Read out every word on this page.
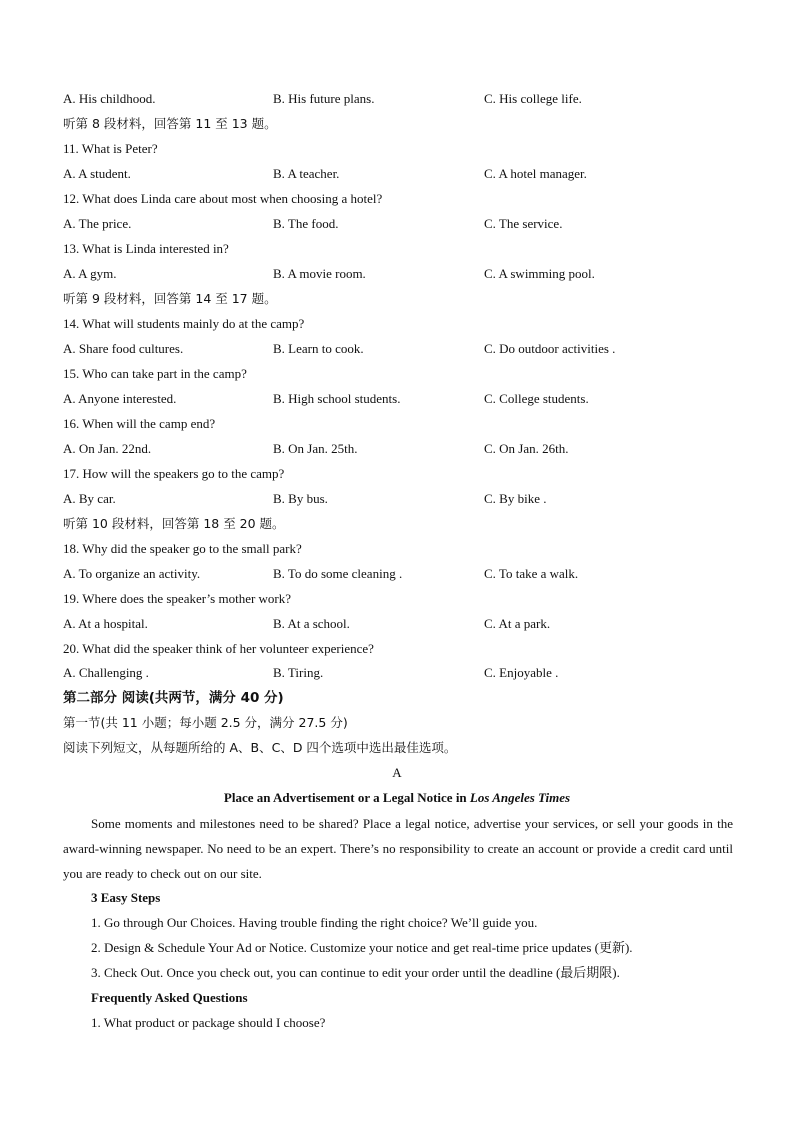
A. His childhood.	B. His future plans.	C. His college life.
听第 8 段材料，回答第 11 至 13 题。
11. What is Peter?
A. A student.	B. A teacher.	C. A hotel manager.
12. What does Linda care about most when choosing a hotel?
A. The price.	B. The food.	C. The service.
13. What is Linda interested in?
A. A gym.	B. A movie room.	C. A swimming pool.
听第 9 段材料，回答第 14 至 17 题。
14. What will students mainly do at the camp?
A. Share food cultures.	B. Learn to cook.	C. Do outdoor activities .
15. Who can take part in the camp?
A. Anyone interested.	B. High school students.	C. College students.
16. When will the camp end?
A. On Jan. 22nd.	B. On Jan. 25th.	C. On Jan. 26th.
17. How will the speakers go to the camp?
A. By car.	B. By bus.	C. By bike .
听第 10 段材料，回答第 18 至 20 题。
18. Why did the speaker go to the small park?
A. To organize an activity.	B. To do some cleaning .	C. To take a walk.
19. Where does the speaker’s mother work?
A. At a hospital.	B. At a school.	C. At a park.
20. What did the speaker think of her volunteer experience?
A. Challenging .	B. Tiring.	C. Enjoyable .
第二部分 阅读(共两节，满分 40 分)
第一节(共 11 小题；每小题 2.5 分，满分 27.5 分)
阅读下列短文，从每题所给的 A、B、C、D 四个选项中选出最佳选项。
A
Place an Advertisement or a Legal Notice in Los Angeles Times
Some moments and milestones need to be shared? Place a legal notice, advertise your services, or sell your goods in the award-winning newspaper. No need to be an expert. There’s no responsibility to create an account or provide a credit card until you are ready to check out on our site.
3 Easy Steps
1. Go through Our Choices. Having trouble finding the right choice? We’ll guide you.
2. Design & Schedule Your Ad or Notice. Customize your notice and get real-time price updates (更新).
3. Check Out. Once you check out, you can continue to edit your order until the deadline (最后期限).
Frequently Asked Questions
1. What product or package should I choose?
